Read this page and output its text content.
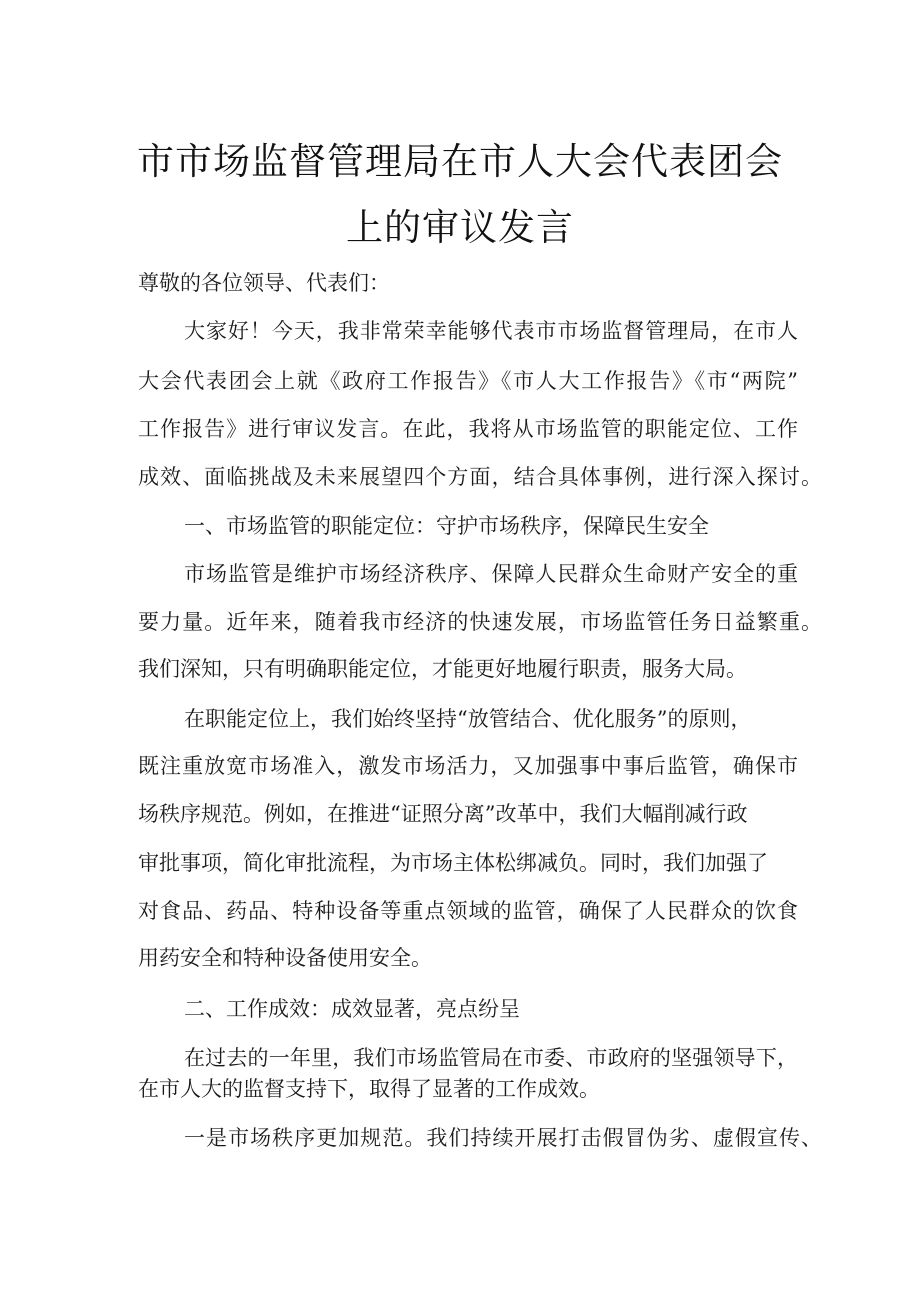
市市场监督管理局在市人大会代表团会
上的审议发言

尊敬的各位领导、代表们：

大家好！今天，我非常荣幸能够代表市市场监督管理局，在市人

大会代表团会上就《政府工作报告》《市人大工作报告》《市“两院”

工作报告》进行审议发言。在此，我将从市场监管的职能定位、工作

成效、面临挑战及未来展望四个方面，结合具体事例，进行深入探讨。

一、市场监管的职能定位：守护市场秩序，保障民生安全

市场监管是维护市场经济秩序、保障人民群众生命财产安全的重

要力量。近年来，随着我市经济的快速发展，市场监管任务日益繁重。

我们深知，只有明确职能定位，才能更好地履行职责，服务大局。

在职能定位上，我们始终坚持“放管结合、优化服务”的原则，

既注重放宽市场准入，激发市场活力，又加强事中事后监管，确保市

场秩序规范。例如，在推进“证照分离”改革中，我们大幅削减行政

审批事项，简化审批流程，为市场主体松绑减负。同时，我们加强了

对食品、药品、特种设备等重点领域的监管，确保了人民群众的饮食

用药安全和特种设备使用安全。

二、工作成效：成效显著，亮点纷呈

在过去的一年里，我们市场监管局在市委、市政府的坚强领导下，

在市人大的监督支持下，取得了显著的工作成效。

一是市场秩序更加规范。我们持续开展打击假冒伪劣、虚假宣传、
